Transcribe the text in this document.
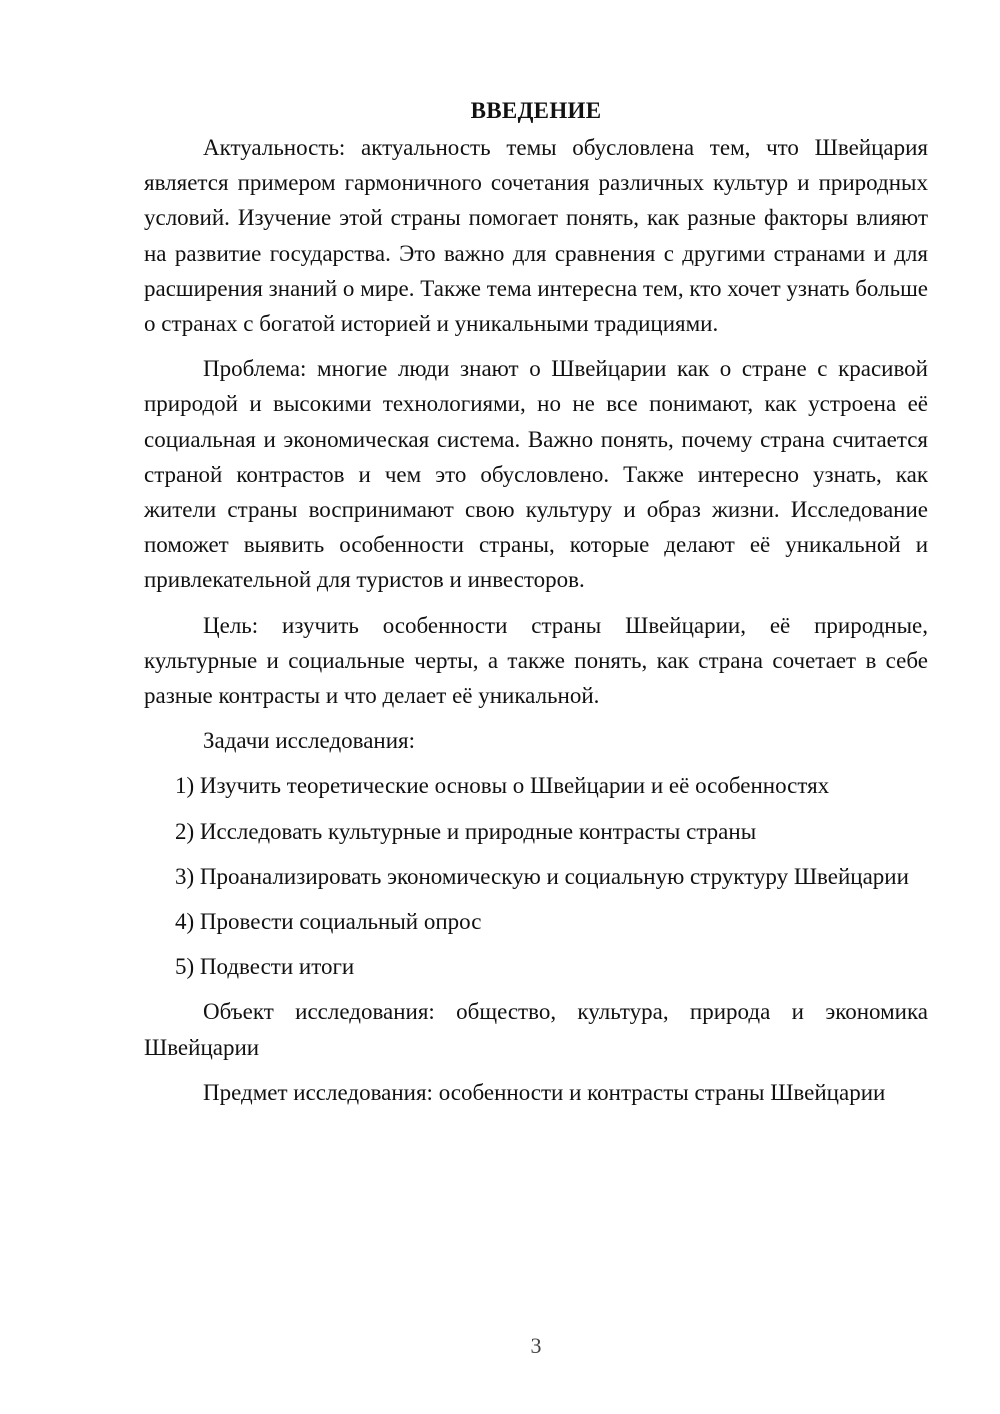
ВВЕДЕНИЕ

Актуальность: актуальность темы обусловлена тем, что Швейцария является примером гармоничного сочетания различных культур и природных условий. Изучение этой страны помогает понять, как разные факторы влияют на развитие государства. Это важно для сравнения с другими странами и для расширения знаний о мире. Также тема интересна тем, кто хочет узнать больше о странах с богатой историей и уникальными традициями.

Проблема: многие люди знают о Швейцарии как о стране с красивой природой и высокими технологиями, но не все понимают, как устроена её социальная и экономическая система. Важно понять, почему страна считается страной контрастов и чем это обусловлено. Также интересно узнать, как жители страны воспринимают свою культуру и образ жизни. Исследование поможет выявить особенности страны, которые делают её уникальной и привлекательной для туристов и инвесторов.

Цель: изучить особенности страны Швейцарии, её природные, культурные и социальные черты, а также понять, как страна сочетает в себе разные контрасты и что делает её уникальной.

Задачи исследования:

1) Изучить теоретические основы о Швейцарии и её особенностях

2) Исследовать культурные и природные контрасты страны

3) Проанализировать экономическую и социальную структуру Швейцарии

4) Провести социальный опрос

5) Подвести итоги

Объект исследования: общество, культура, природа и экономика Швейцарии

Предмет исследования: особенности и контрасты страны Швейцарии

3
